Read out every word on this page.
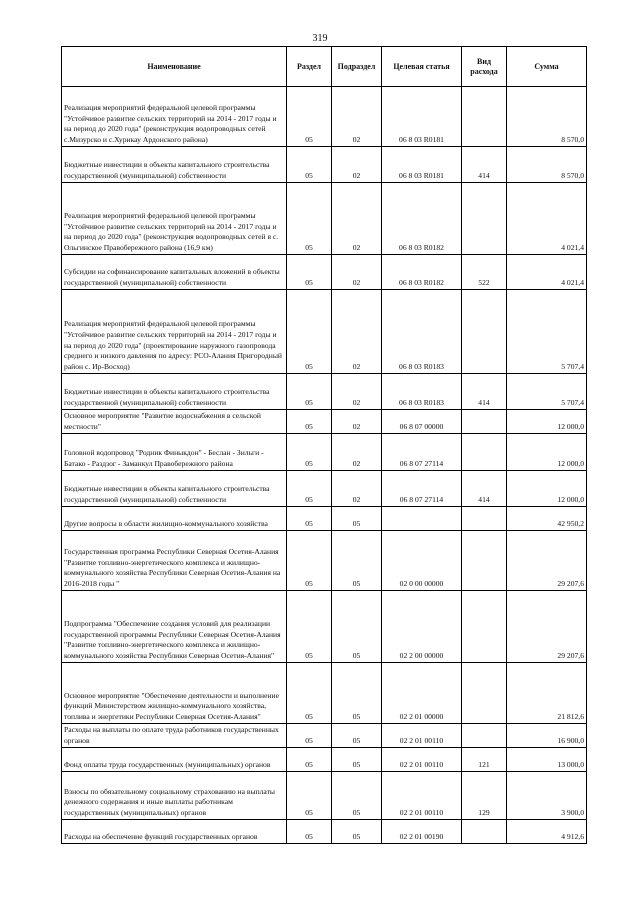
319
Наименование	Раздел	Подраздел	Целевая статья	Вид расхода	Сумма
Реализация мероприятий федеральной целевой программы "Устойчивое развитие сельских территорий на 2014 - 2017 годы и на период до 2020 года" (реконструкция водопроводных сетей с.Мизурско и с.Хурикау Ардонского района)	05	02	06 8 03 R0181		8 570,0
Бюджетные инвестиции в объекты капитального строительства государственной (муниципальной) собственности	05	02	06 8 03 R0181	414	8 570,0
Реализация мероприятий федеральной целевой программы "Устойчивое развитие сельских территорий на 2014 - 2017 годы и на период до 2020 года" (реконструкция водопроводных сетей в с. Ольгинское Правобережного района (16,9 км)	05	02	06 8 03 R0182		4 021,4
Субсидии на софинансирование капитальных вложений в объекты государственной (муниципальной) собственности	05	02	06 8 03 R0182	522	4 021,4
Реализация мероприятий федеральной целевой программы "Устойчивое развитие сельских территорий на 2014 - 2017 годы и на период до 2020 года" (проектирование наружного газопровода среднего и низкого давления по адресу: РСО-Алания Пригородный район с. Ир-Восход)	05	02	06 8 03 R0183		5 707,4
Бюджетные инвестиции в объекты капитального строительства государственной (муниципальной) собственности	05	02	06 8 03 R0183	414	5 707,4
Основное мероприятие "Развитие водоснабжения в сельской местности"	05	02	06 8 07 00000		12 000,0
Головной водопровод "Родник Финыкдон" - Беслан - Зильги - Батако - Раздзог - Заманкул Правобережного района	05	02	06 8 07 27114		12 000,0
Бюджетные инвестиции в объекты капитального строительства государственной (муниципальной) собственности	05	02	06 8 07 27114	414	12 000,0
Другие вопросы в области жилищно-коммунального хозяйства	05	05			42 950,2
Государственная программа Республики Северная Осетия-Алания "Развитие топливно-энергетического комплекса и жилищно-коммунального хозяйства Республики Северная Осетия-Алания на 2016-2018 годы "	05	05	02 0 00 00000		29 207,6
Подпрограмма "Обеспечение создания условий для реализации государственной программы Республики Северная Осетия-Алания "Развитие топливно-энергетического комплекса и жилищно-коммунального хозяйства Республики Северная Осетия-Алания"	05	05	02 2 00 00000		29 207,6
Основное мероприятие "Обеспечение деятельности и выполнение функций Министерством жилищно-коммунального хозяйства, топлива и энергетики Республики Северная Осетия-Алания"	05	05	02 2 01 00000		21 812,6
Расходы на выплаты по оплате труда работников государственных органов	05	05	02 2 01 00110		16 900,0
Фонд оплаты труда государственных (муниципальных) органов	05	05	02 2 01 00110	121	13 000,0
Взносы по обязательному социальному страхованию на выплаты денежного содержания и иные выплаты работникам государственных (муниципальных) органов	05	05	02 2 01 00110	129	3 900,0
Расходы на обеспечение функций государственных органов	05	05	02 2 01 00190		4 912,6
